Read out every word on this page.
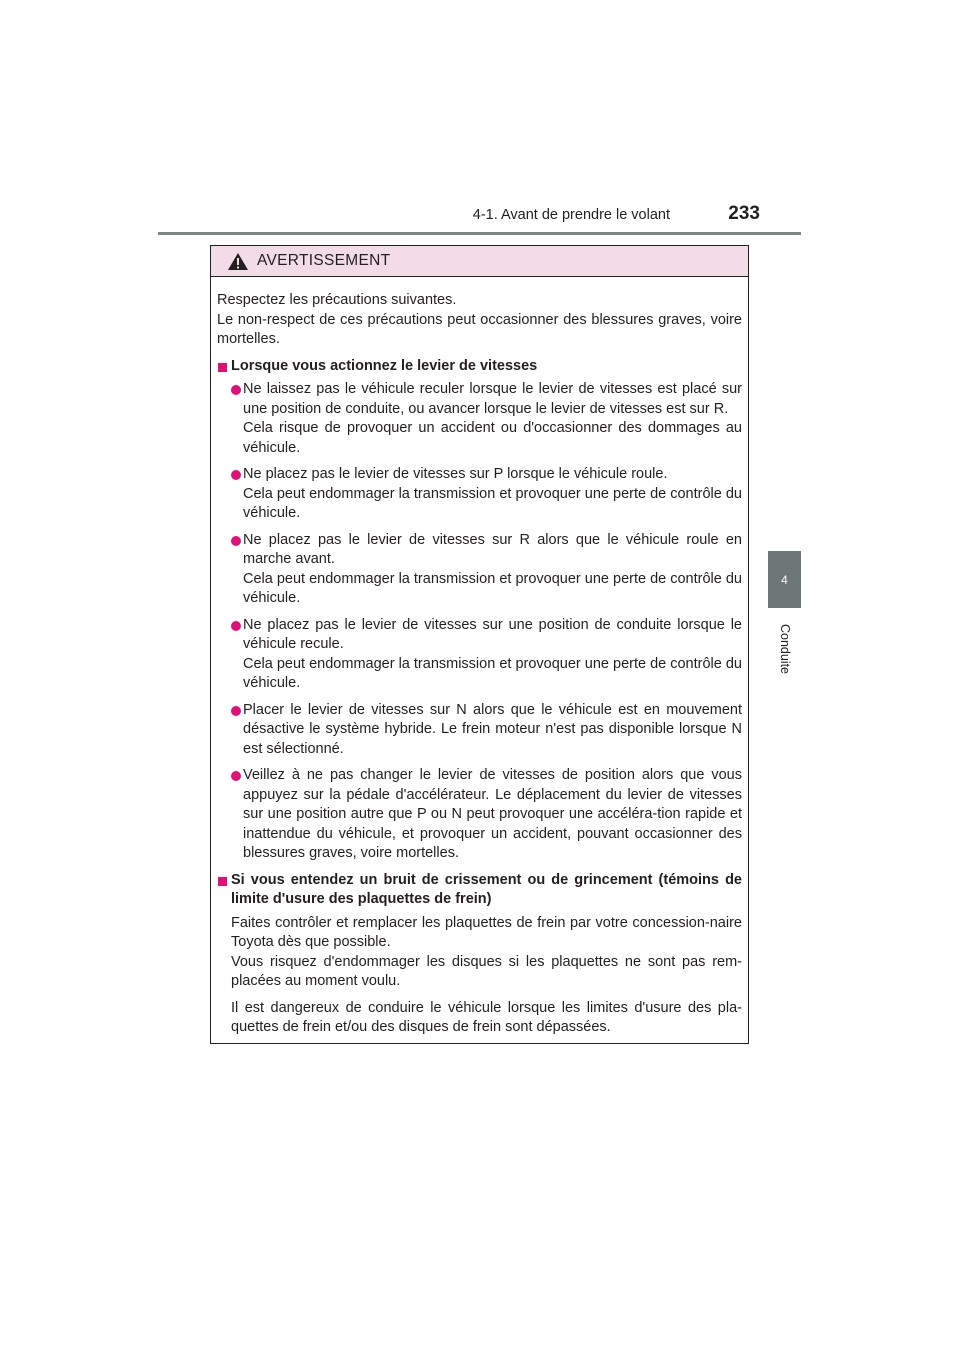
4-1. Avant de prendre le volant	233
4
Conduite
AVERTISSEMENT

Respectez les précautions suivantes.

Le non-respect de ces précautions peut occasionner des blessures graves, voire mortelles.

Lorsque vous actionnez le levier de vitesses

Ne laissez pas le véhicule reculer lorsque le levier de vitesses est placé sur une position de conduite, ou avancer lorsque le levier de vitesses est sur R.

Cela risque de provoquer un accident ou d'occasionner des dommages au véhicule.

Ne placez pas le levier de vitesses sur P lorsque le véhicule roule.

Cela peut endommager la transmission et provoquer une perte de contrôle du véhicule.

Ne placez pas le levier de vitesses sur R alors que le véhicule roule en marche avant.

Cela peut endommager la transmission et provoquer une perte de contrôle du véhicule.

Ne placez pas le levier de vitesses sur une position de conduite lorsque le véhicule recule.

Cela peut endommager la transmission et provoquer une perte de contrôle du véhicule.

Placer le levier de vitesses sur N alors que le véhicule est en mouvement désactive le système hybride. Le frein moteur n'est pas disponible lorsque N est sélectionné.

Veillez à ne pas changer le levier de vitesses de position alors que vous appuyez sur la pédale d'accélérateur. Le déplacement du levier de vitesses sur une position autre que P ou N peut provoquer une accéléra-tion rapide et inattendue du véhicule, et provoquer un accident, pouvant occasionner des blessures graves, voire mortelles.

Si vous entendez un bruit de crissement ou de grincement (témoins de limite d'usure des plaquettes de frein)

Faites contrôler et remplacer les plaquettes de frein par votre concession-naire Toyota dès que possible.
Vous risquez d'endommager les disques si les plaquettes ne sont pas rem-placées au moment voulu.

Il est dangereux de conduire le véhicule lorsque les limites d'usure des pla-quettes de frein et/ou des disques de frein sont dépassées.
